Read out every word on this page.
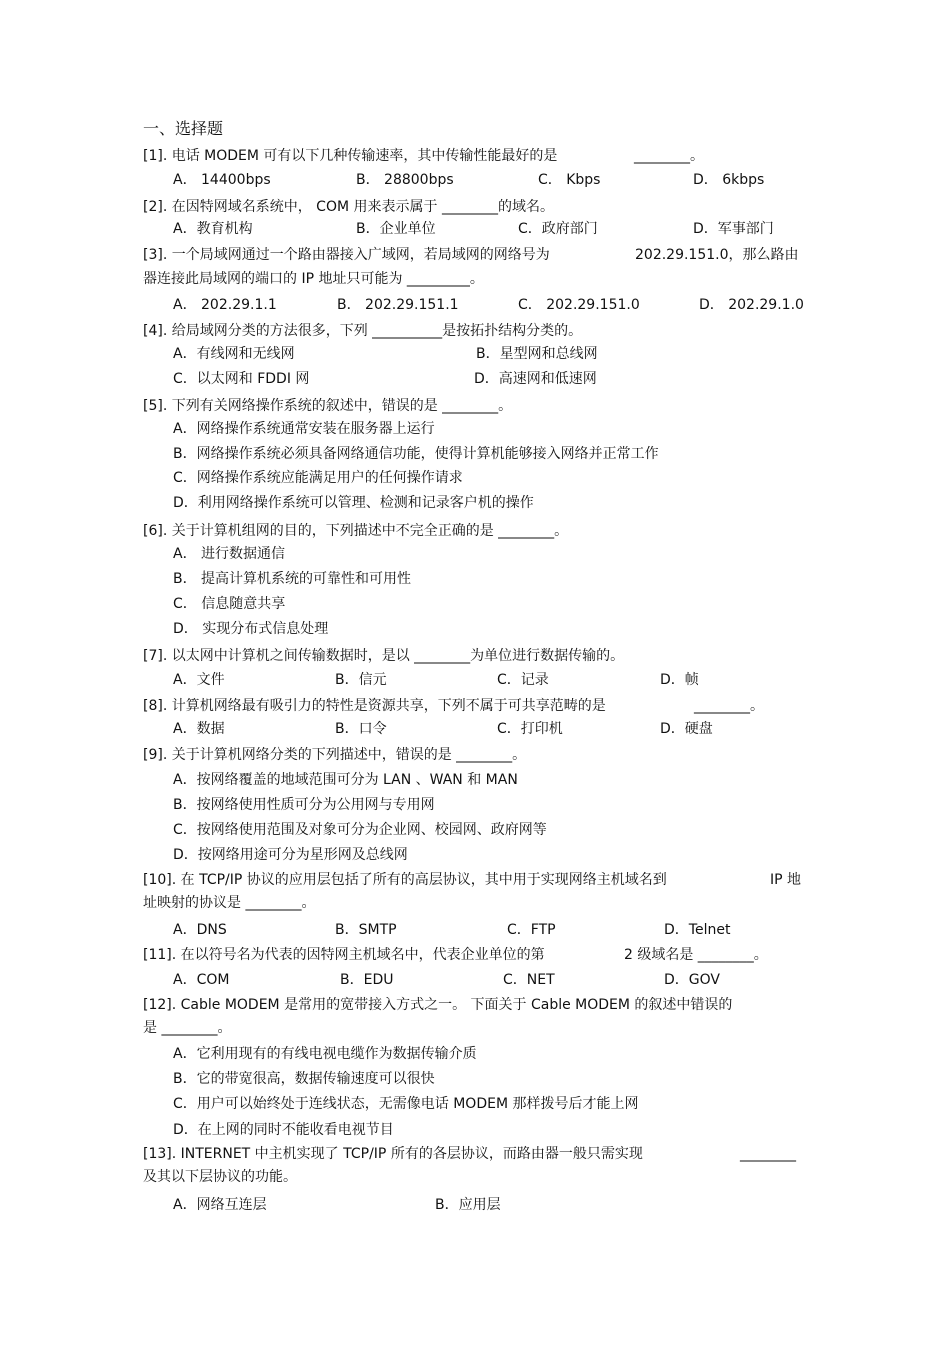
一、选择题
[1]. 电话 MODEM 可有以下几种传输速率，其中传输性能最好的是	________。
A． 14400bps	B． 28800bps	C． Kbps	D． 6kbps
[2]. 在因特网域名系统中， COM 用来表示属于 ________的域名。
A．教育机构	B．企业单位	C．政府部门	D．军事部门
[3]. 一个局域网通过一个路由器接入广域网，若局域网的网络号为	202.29.151.0，那么路由
器连接此局域网的端口的 IP 地址只可能为 _________。
A． 202.29.1.1	B． 202.29.151.1	C． 202.29.151.0	D． 202.29.1.0
[4]. 给局域网分类的方法很多，下列 __________是按拓扑结构分类的。
A．有线网和无线网	B．星型网和总线网
C．以太网和 FDDI 网	D．高速网和低速网
[5]. 下列有关网络操作系统的叙述中，错误的是 ________。
A．网络操作系统通常安装在服务器上运行
B．网络操作系统必须具备网络通信功能，使得计算机能够接入网络并正常工作
C．网络操作系统应能满足用户的任何操作请求
D．利用网络操作系统可以管理、检测和记录客户机的操作
[6]. 关于计算机组网的目的，下列描述中不完全正确的是 ________。
A． 进行数据通信
B． 提高计算机系统的可靠性和可用性
C． 信息随意共享
D． 实现分布式信息处理
[7]. 以太网中计算机之间传输数据时，是以 ________为单位进行数据传输的。
A．文件	B．信元	C．记录	D．帧
[8]. 计算机网络最有吸引力的特性是资源共享，下列不属于可共享范畴的是	________。
A．数据	B．口令	C．打印机	D．硬盘
[9]. 关于计算机网络分类的下列描述中，错误的是 ________。
A．按网络覆盖的地域范围可分为 LAN 、WAN 和 MAN
B．按网络使用性质可分为公用网与专用网
C．按网络使用范围及对象可分为企业网、校园网、政府网等
D．按网络用途可分为星形网及总线网
[10]. 在 TCP/IP 协议的应用层包括了所有的高层协议，其中用于实现网络主机域名到	IP 地
址映射的协议是 ________。
A．DNS	B．SMTP	C．FTP	D．Telnet
[11]. 在以符号名为代表的因特网主机域名中，代表企业单位的第	2 级域名是 ________。
A．COM	B．EDU	C．NET	D．GOV
[12]. Cable MODEM 是常用的宽带接入方式之一。 下面关于 Cable MODEM 的叙述中错误的
是 ________。
A．它利用现有的有线电视电缆作为数据传输介质
B．它的带宽很高，数据传输速度可以很快
C．用户可以始终处于连线状态，无需像电话 MODEM 那样拨号后才能上网
D．在上网的同时不能收看电视节目
[13]. INTERNET 中主机实现了 TCP/IP 所有的各层协议，而路由器一般只需实现	________
及其以下层协议的功能。
A．网络互连层	B．应用层
